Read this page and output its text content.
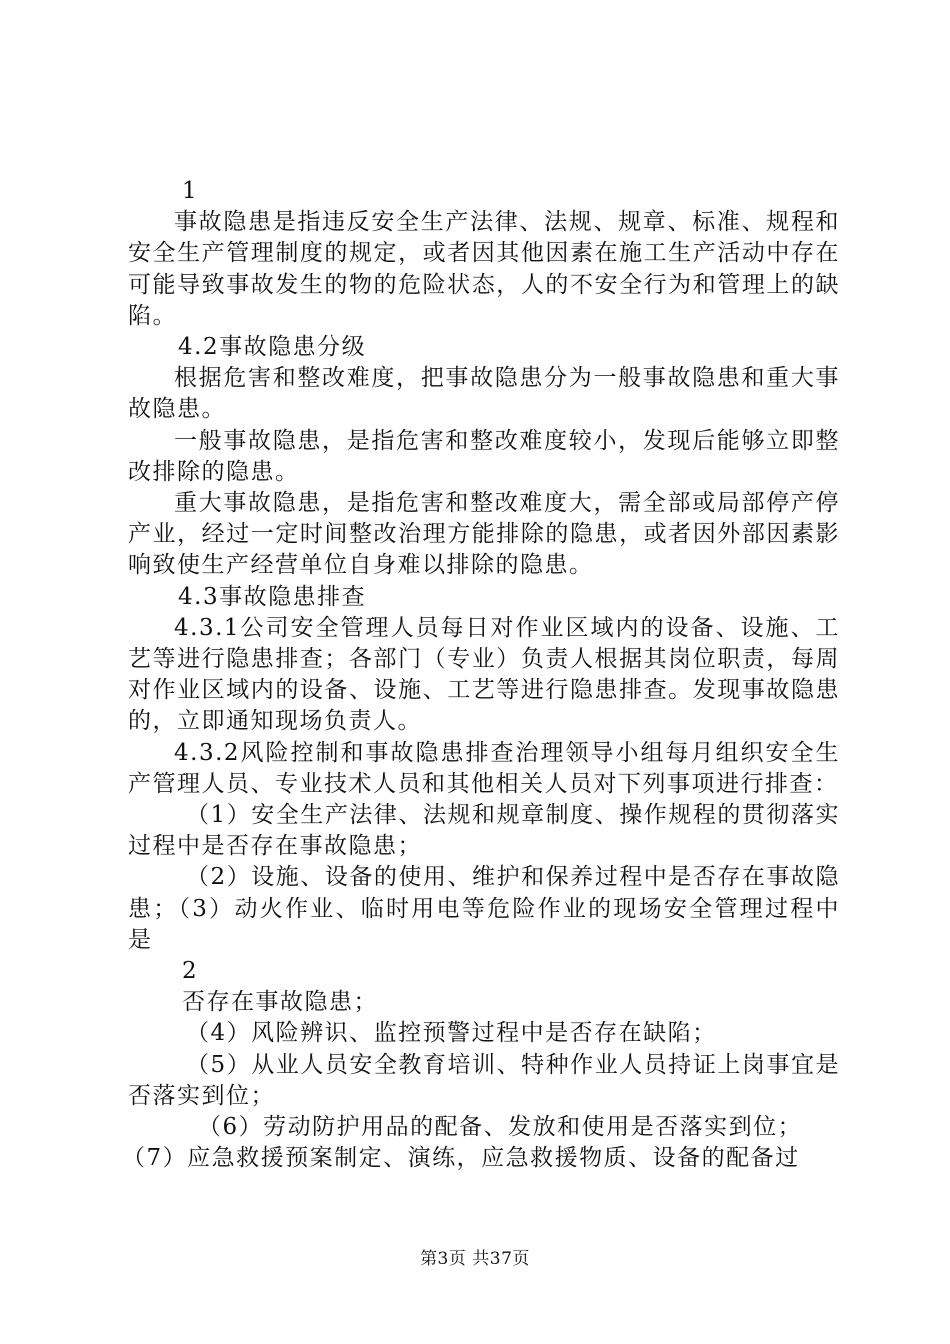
1

事故隐患是指违反安全生产法律、法规、规章、标准、规程和安全生产管理制度的规定，或者因其他因素在施工生产活动中存在可能导致事故发生的物的危险状态，人的不安全行为和管理上的缺陷。

4.2事故隐患分级

根据危害和整改难度，把事故隐患分为一般事故隐患和重大事故隐患。

一般事故隐患，是指危害和整改难度较小，发现后能够立即整改排除的隐患。

重大事故隐患，是指危害和整改难度大，需全部或局部停产停产业，经过一定时间整改治理方能排除的隐患，或者因外部因素影响致使生产经营单位自身难以排除的隐患。

4.3事故隐患排查

4.3.1公司安全管理人员每日对作业区域内的设备、设施、工艺等进行隐患排查；各部门（专业）负责人根据其岗位职责，每周对作业区域内的设备、设施、工艺等进行隐患排查。发现事故隐患的，立即通知现场负责人。

4.3.2风险控制和事故隐患排查治理领导小组每月组织安全生产管理人员、专业技术人员和其他相关人员对下列事项进行排查：

（1）安全生产法律、法规和规章制度、操作规程的贯彻落实过程中是否存在事故隐患；

（2）设施、设备的使用、维护和保养过程中是否存在事故隐患；（3）动火作业、临时用电等危险作业的现场安全管理过程中是

2

否存在事故隐患；

（4）风险辨识、监控预警过程中是否存在缺陷；

（5）从业人员安全教育培训、特种作业人员持证上岗事宜是否落实到位；

（6）劳动防护用品的配备、发放和使用是否落实到位；

（7）应急救援预案制定、演练，应急救援物质、设备的配备过

第3页 共37页
